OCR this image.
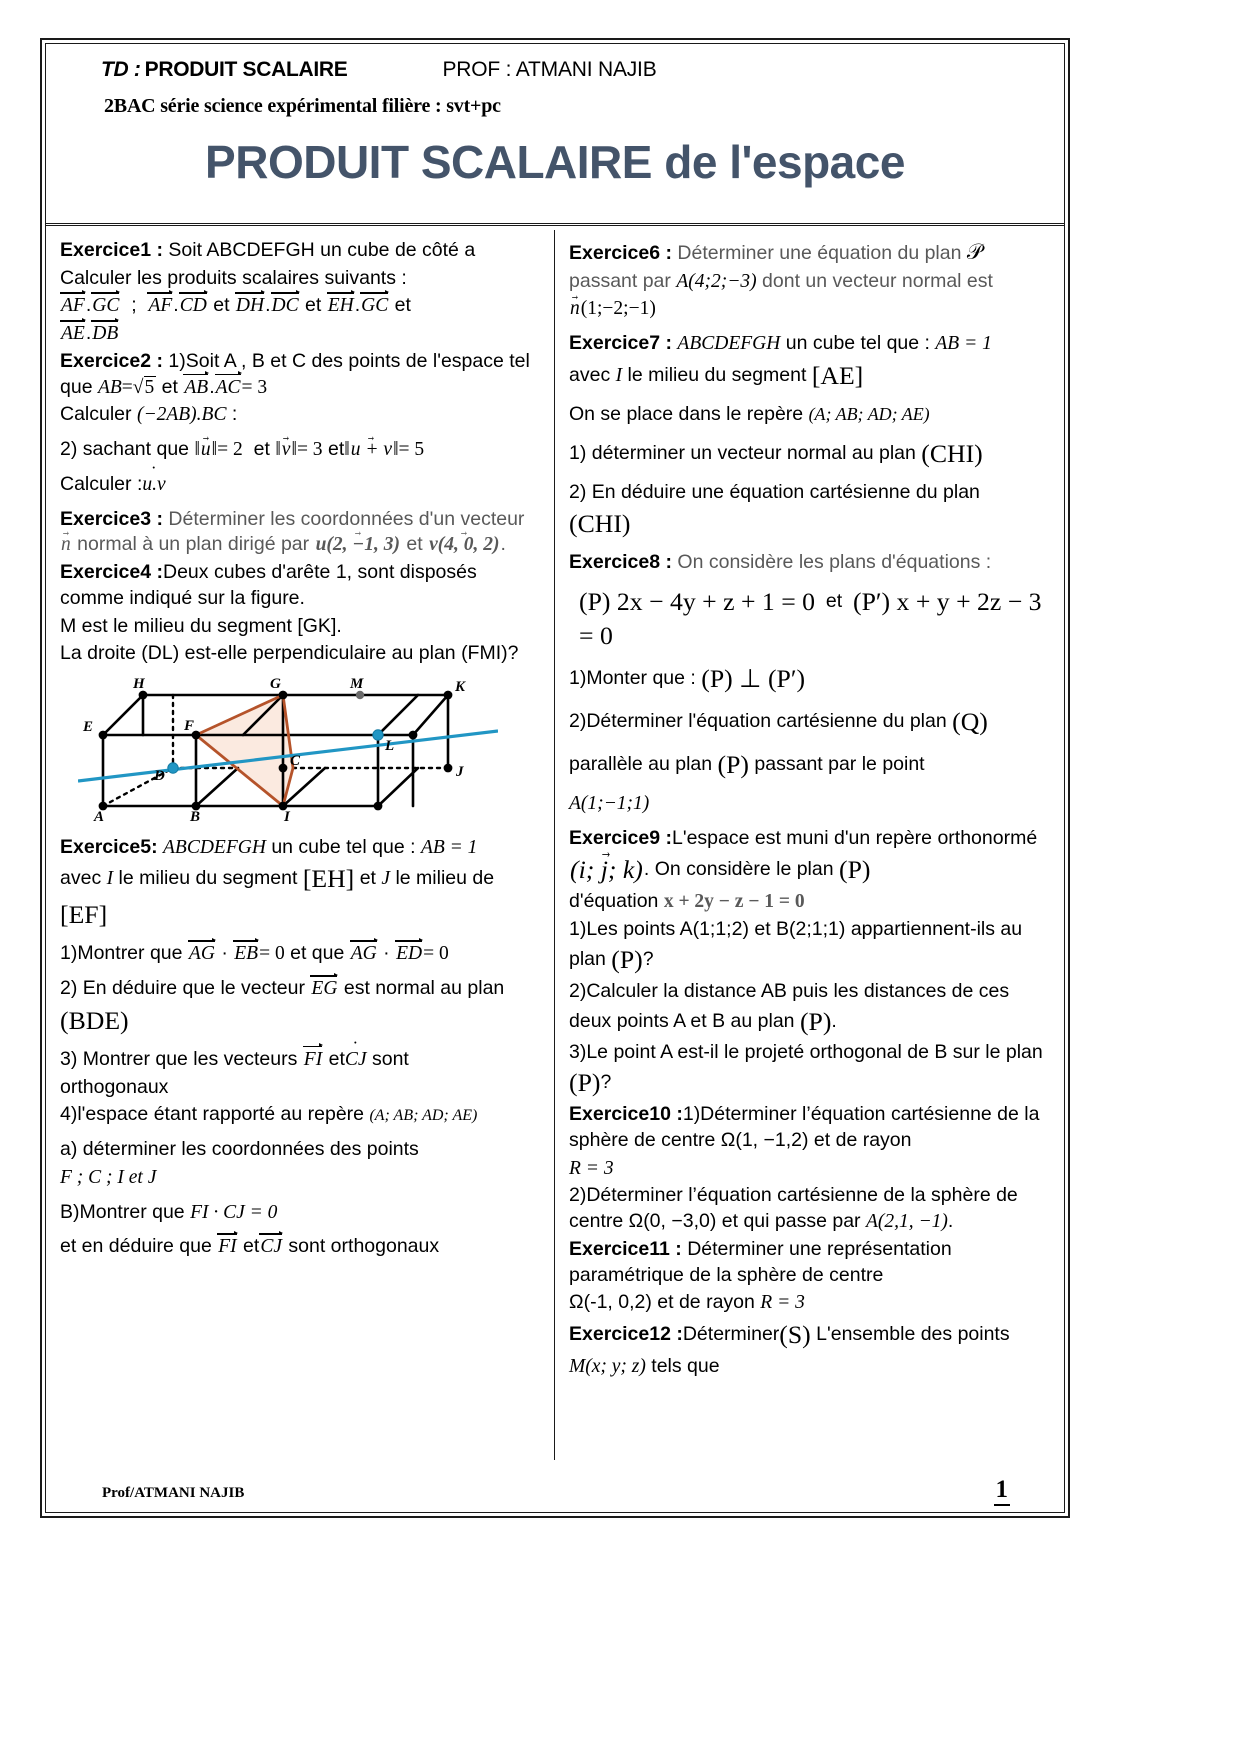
TD : PRODUIT SCALAIRE	PROF : ATMANI NAJIB
2BAC série science expérimental filière : svt+pc
PRODUIT SCALAIRE de l'espace

Exercice1 : Soit ABCDEFGH un cube de côté a

Calculer les produits scalaires suivants :

AF.GC ; AF.CD et DH.DC et EH.GC et

AE.DB

Exercice2 : 1)Soit A , B et C des points de l'espace tel que AB=√5 et AB.AC= 3

Calculer (−2AB).BC :

2) sachant que ‖u →‖= 2 et ‖v →‖= 3 et‖u + v →‖= 5

Calculer :u.v ˙

Exercice3 : Déterminer les coordonnées d'un vecteur n → normal à un plan dirigé par u(2, −1, 3) → et v(4, 0, 2) →.

Exercice4 :Deux cubes d'arête 1, sont disposés comme indiqué sur la figure.

M est le milieu du segment [GK].

La droite (DL) est-elle perpendiculaire au plan (FMI)?

H	G	M	K
E	F
L
D
C
J
A	B	I

Exercice5: ABCDEFGH un cube tel que : AB = 1

avec I le milieu du segment [EH] et J le milieu de

[EF]

1)Montrer que AG · EB= 0 et que AG · ED= 0

2) En déduire que le vecteur EG est normal au plan

(BDE)

3) Montrer que les vecteurs FI etCJ ˙ sont

orthogonaux

4)l'espace étant rapporté au repère (A; AB; AD; AE)

a) déterminer les coordonnées des points

F ; C ; I et J

B)Montrer que FI · CJ = 0

et en déduire que FI etCJ sont orthogonaux

Exercice6 : Déterminer une équation du plan 𝒫

passant par A(4;2;−3) dont un vecteur normal est

n →(1;−2;−1)

Exercice7 : ABCDEFGH un cube tel que : AB = 1

avec I le milieu du segment [AE]

On se place dans le repère (A; AB; AD; AE)

1) déterminer un vecteur normal au plan (CHI)

2) En déduire une équation cartésienne du plan

(CHI)

Exercice8 : On considère les plans d'équations :

(P) 2x − 4y + z + 1 = 0 et (P′) x + y + 2z − 3 = 0

1)Monter que : (P) ⊥ (P′)

2)Déterminer l'équation cartésienne du plan (Q)

parallèle au plan (P) passant par le point

A(1;−1;1)

Exercice9 :L'espace est muni d'un repère orthonormé

(i; j; k) →. On considère le plan (P)

d'équation x + 2y − z − 1 = 0

1)Les points A(1;1;2) et B(2;1;1) appartiennent-ils au plan (P)?

2)Calculer la distance AB puis les distances de ces deux points A et B au plan (P).

3)Le point A est-il le projeté orthogonal de B sur le plan (P)?

Exercice10 :1)Déterminer l’équation cartésienne de la sphère de centre Ω(1, −1,2) et de rayon

R = 3

2)Déterminer l’équation cartésienne de la sphère de centre Ω(0, −3,0) et qui passe par A(2,1, −1).

Exercice11 : Déterminer une représentation paramétrique de la sphère de centre

Ω(-1, 0,2) et de rayon R = 3

Exercice12 :Déterminer(S) L'ensemble des points

M(x; y; z) tels que

Prof/ATMANI NAJIB	1
